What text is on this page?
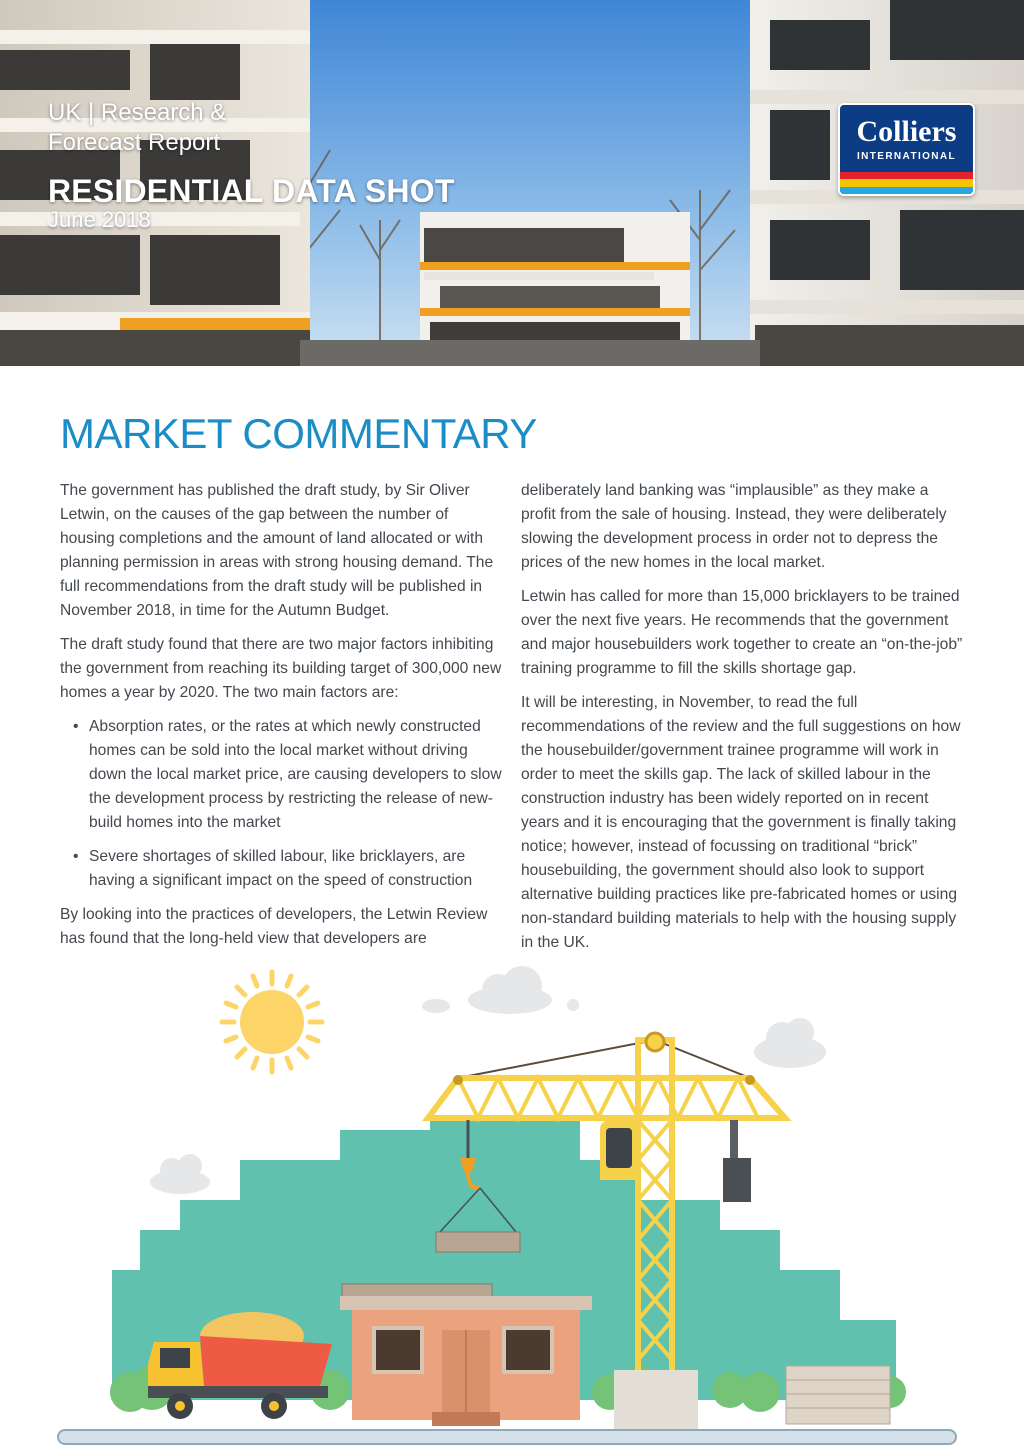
UK | Research & Forecast Report
RESIDENTIAL DATA SHOT
June 2018
Colliers
INTERNATIONAL
MARKET COMMENTARY

The government has published the draft study, by Sir Oliver Letwin, on the causes of the gap between the number of housing completions and the amount of land allocated or with planning permission in areas with strong housing demand. The full recommendations from the draft study will be published in November 2018, in time for the Autumn Budget.

The draft study found that there are two major factors inhibiting the government from reaching its building target of 300,000 new homes a year by 2020. The two main factors are:

• Absorption rates, or the rates at which newly constructed homes can be sold into the local market without driving down the local market price, are causing developers to slow the development process by restricting the release of new-build homes into the market
• Severe shortages of skilled labour, like bricklayers, are having a significant impact on the speed of construction

By looking into the practices of developers, the Letwin Review has found that the long-held view that developers are

deliberately land banking was “implausible” as they make a profit from the sale of housing. Instead, they were deliberately slowing the development process in order not to depress the prices of the new homes in the local market.

Letwin has called for more than 15,000 bricklayers to be trained over the next five years. He recommends that the government and major housebuilders work together to create an “on-the-job” training programme to fill the skills shortage gap.

It will be interesting, in November, to read the full recommendations of the review and the full suggestions on how the housebuilder/government trainee programme will work in order to meet the skills gap. The lack of skilled labour in the construction industry has been widely reported on in recent years and it is encouraging that the government is finally taking notice; however, instead of focussing on traditional “brick” housebuilding, the government should also look to support alternative building practices like pre-fabricated homes or using non-standard building materials to help with the housing supply in the UK.
